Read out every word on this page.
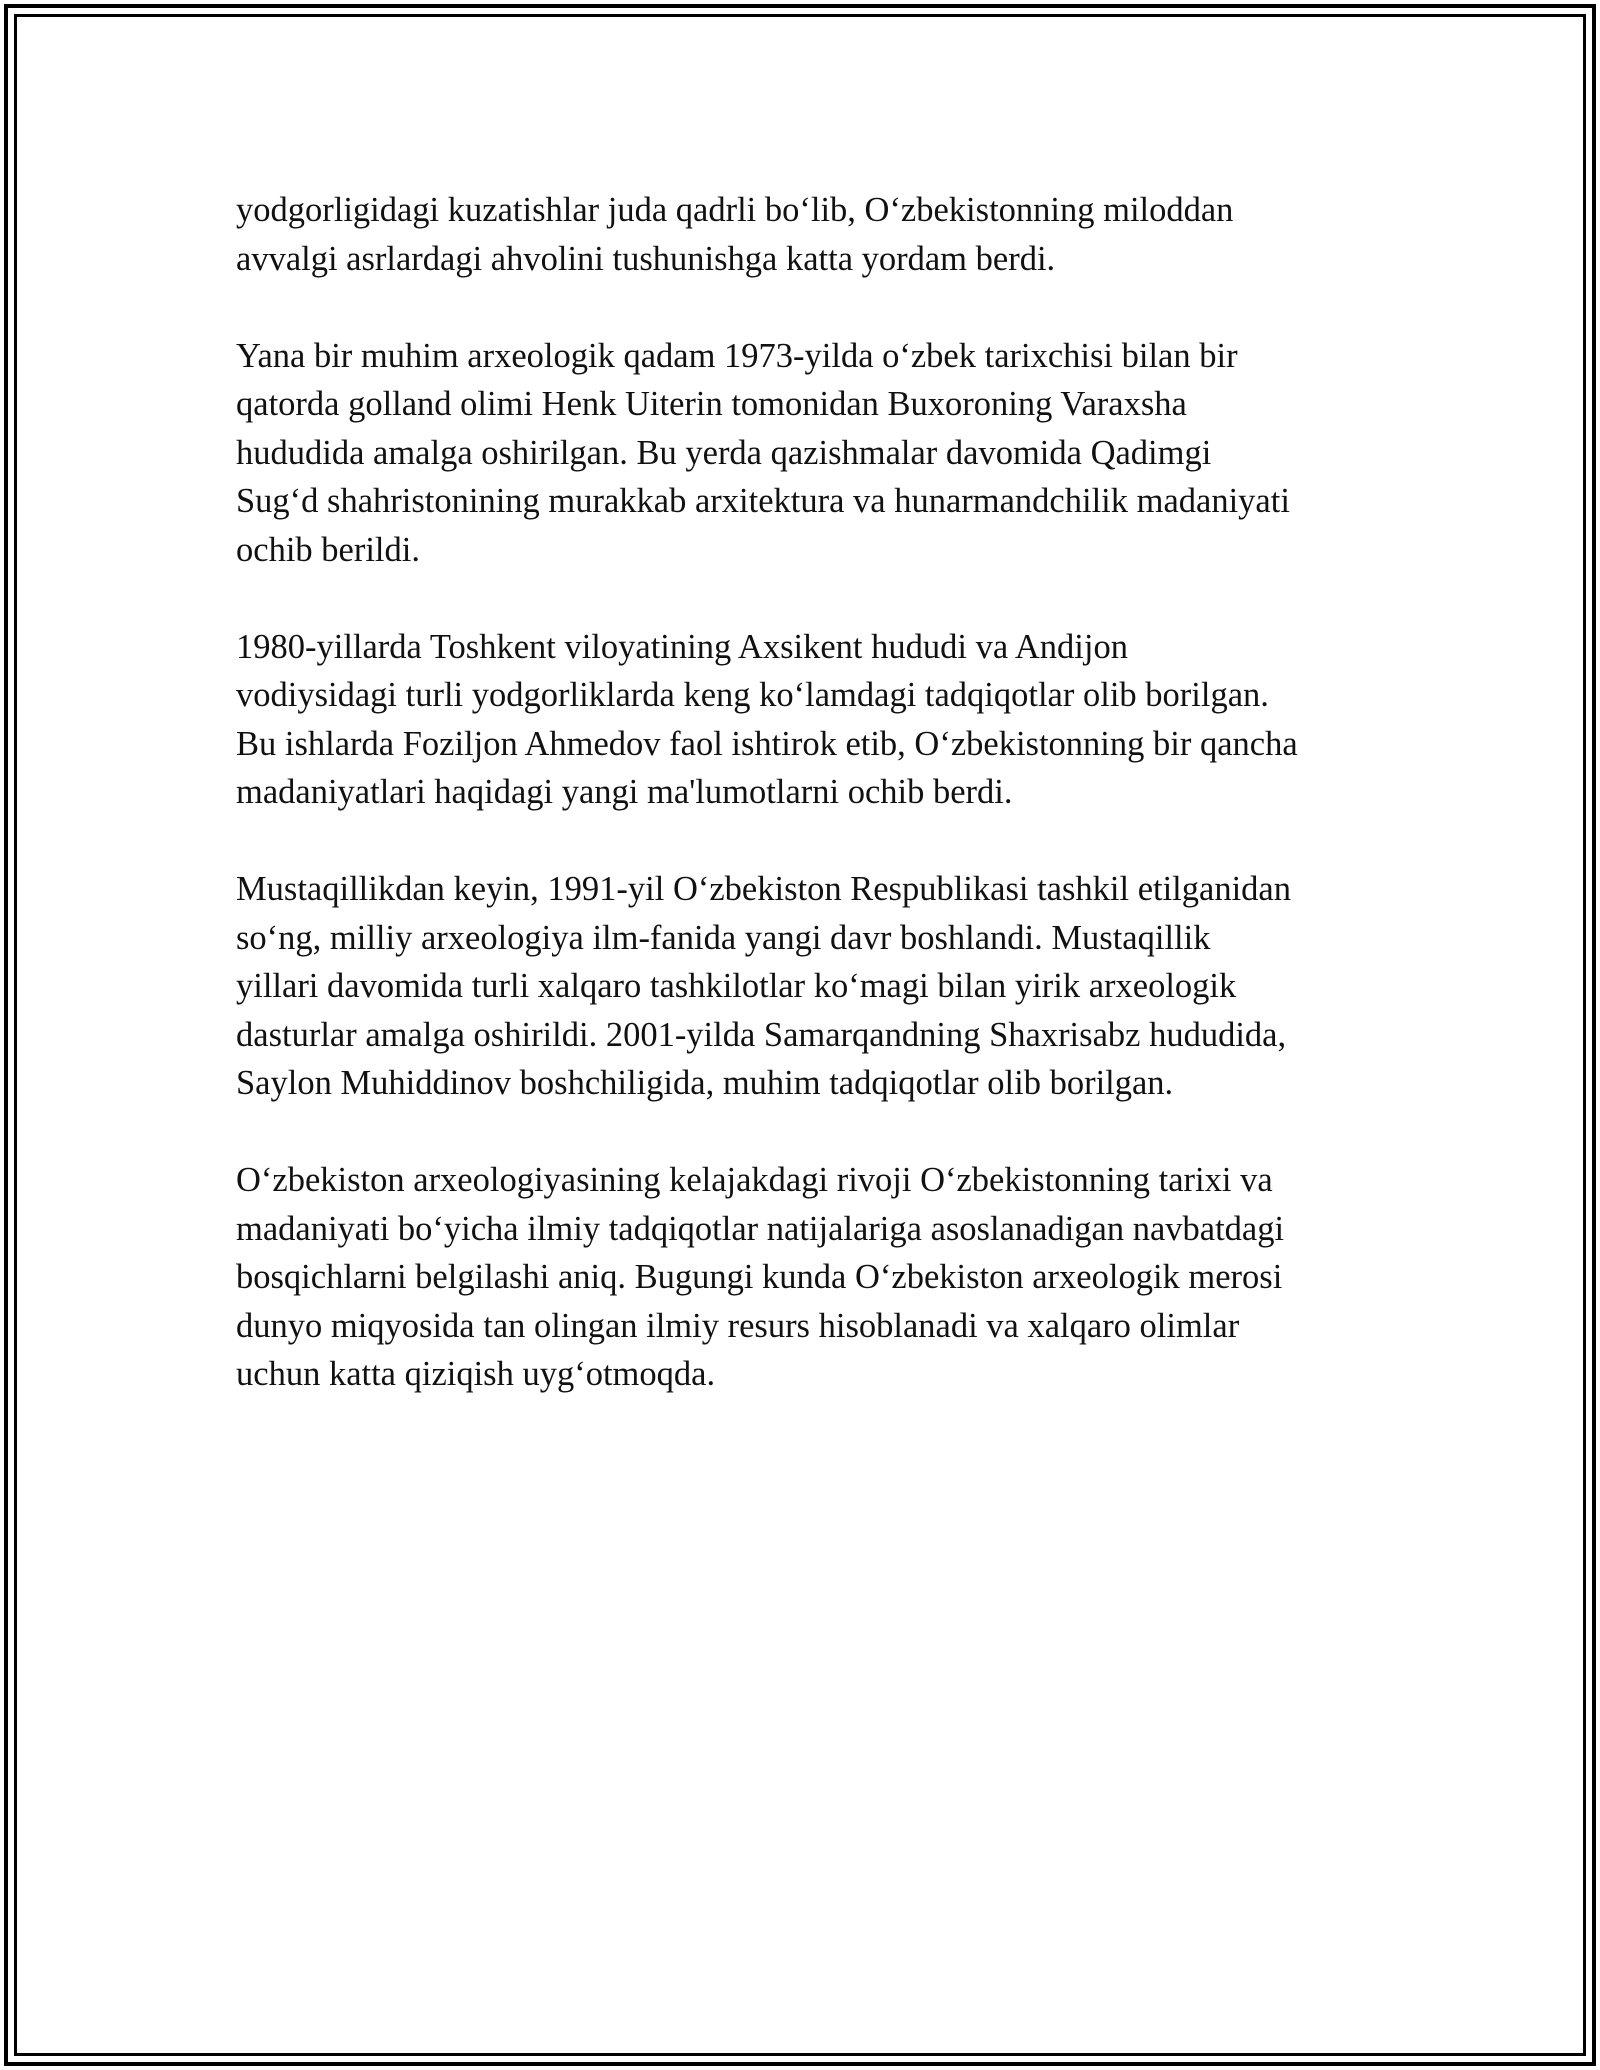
yodgorligidagi kuzatishlar juda qadrli bo‘lib, O‘zbekistonning miloddan
avvalgi asrlardagi ahvolini tushunishga katta yordam berdi.

Yana bir muhim arxeologik qadam 1973-yilda o‘zbek tarixchisi bilan bir
qatorda golland olimi Henk Uiterin tomonidan Buxoroning Varaxsha
hududida amalga oshirilgan. Bu yerda qazishmalar davomida Qadimgi
Sug‘d shahristonining murakkab arxitektura va hunarmandchilik madaniyati
ochib berildi.

1980-yillarda Toshkent viloyatining Axsikent hududi va Andijon
vodiysidagi turli yodgorliklarda keng ko‘lamdagi tadqiqotlar olib borilgan.
Bu ishlarda Foziljon Ahmedov faol ishtirok etib, O‘zbekistonning bir qancha
madaniyatlari haqidagi yangi ma'lumotlarni ochib berdi.

Mustaqillikdan keyin, 1991-yil O‘zbekiston Respublikasi tashkil etilganidan
so‘ng, milliy arxeologiya ilm-fanida yangi davr boshlandi. Mustaqillik
yillari davomida turli xalqaro tashkilotlar ko‘magi bilan yirik arxeologik
dasturlar amalga oshirildi. 2001-yilda Samarqandning Shaxrisabz hududida,
Saylon Muhiddinov boshchiligida, muhim tadqiqotlar olib borilgan.

O‘zbekiston arxeologiyasining kelajakdagi rivoji O‘zbekistonning tarixi va
madaniyati bo‘yicha ilmiy tadqiqotlar natijalariga asoslanadigan navbatdagi
bosqichlarni belgilashi aniq. Bugungi kunda O‘zbekiston arxeologik merosi
dunyo miqyosida tan olingan ilmiy resurs hisoblanadi va xalqaro olimlar
uchun katta qiziqish uyg‘otmoqda.
